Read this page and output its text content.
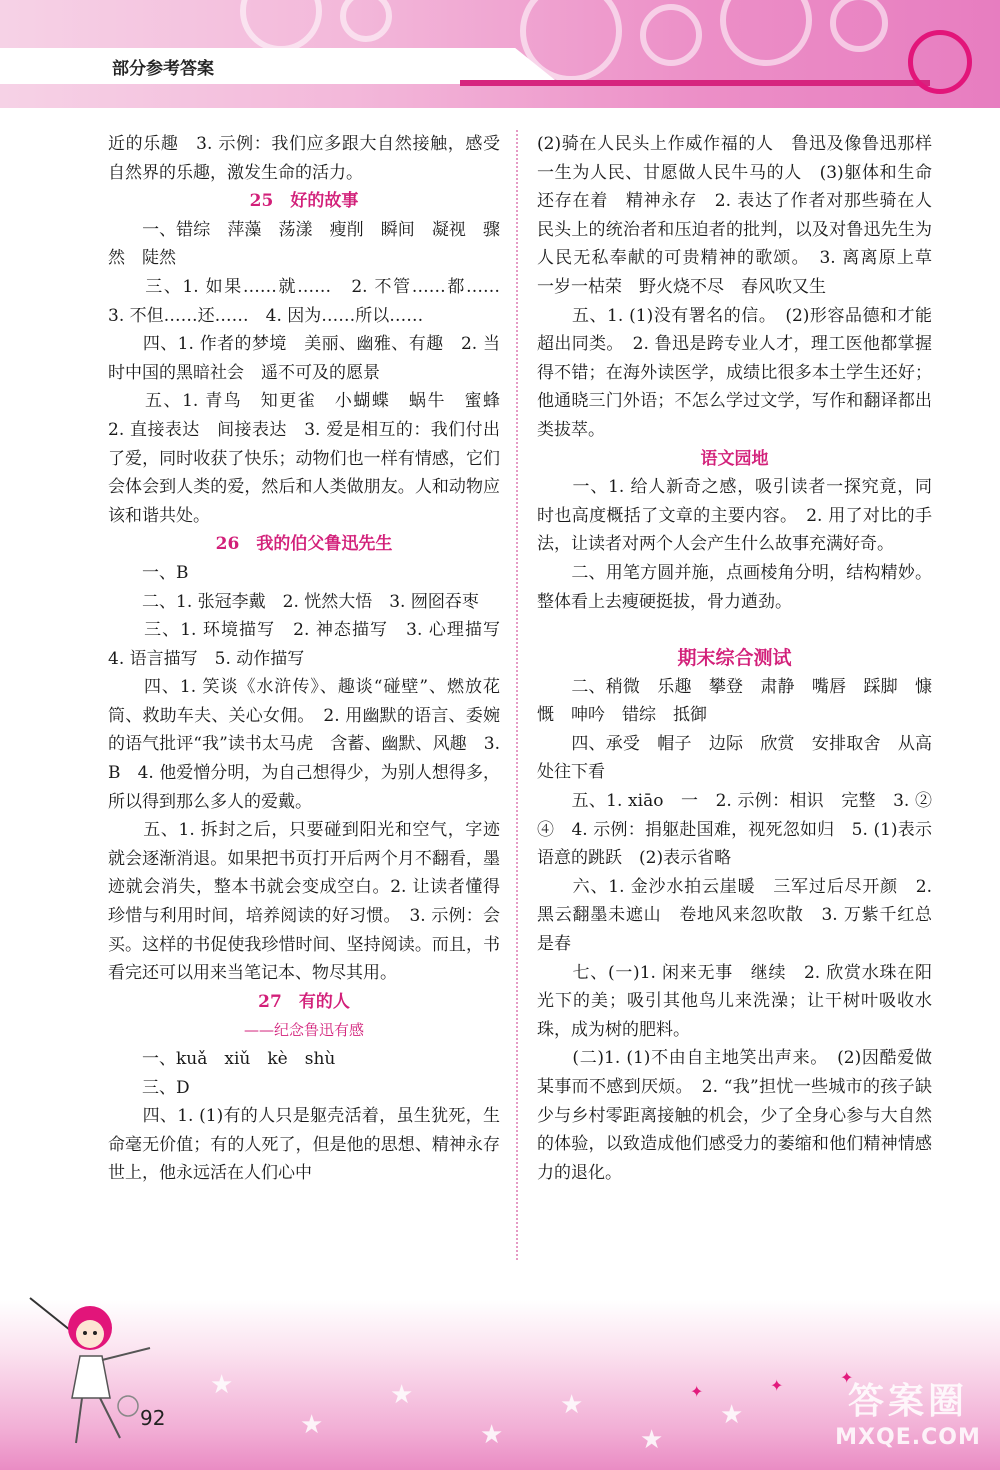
部分参考答案

近的乐趣　3. 示例：我们应多跟大自然接触，感受自然界的乐趣，激发生命的活力。

25　好的故事

　　一、错综　萍藻　荡漾　瘦削　瞬间　凝视　骤然　陡然

　　三、1. 如果……就……　2. 不管……都……　3. 不但……还……　4. 因为……所以……

　　四、1. 作者的梦境　美丽、幽雅、有趣　2. 当时中国的黑暗社会　遥不可及的愿景

　　五、1. 青鸟　知更雀　小蝴蝶　蜗牛　蜜蜂　2. 直接表达　间接表达　3. 爱是相互的：我们付出了爱，同时收获了快乐；动物们也一样有情感，它们会体会到人类的爱，然后和人类做朋友。人和动物应该和谐共处。

26　我的伯父鲁迅先生

　　一、B

　　二、1. 张冠李戴　2. 恍然大悟　3. 囫囵吞枣

　　三、1. 环境描写　2. 神态描写　3. 心理描写　4. 语言描写　5. 动作描写

　　四、1. 笑谈《水浒传》、趣谈“碰壁”、燃放花筒、救助车夫、关心女佣。　2. 用幽默的语言、委婉的语气批评“我”读书太马虎　含蓄、幽默、风趣　3. B　4. 他爱憎分明，为自己想得少，为别人想得多，所以得到那么多人的爱戴。

　　五、1. 拆封之后，只要碰到阳光和空气，字迹就会逐渐消退。如果把书页打开后两个月不翻看，墨迹就会消失，整本书就会变成空白。2. 让读者懂得珍惜与利用时间，培养阅读的好习惯。　3. 示例：会买。这样的书促使我珍惜时间、坚持阅读。而且，书看完还可以用来当笔记本、物尽其用。

27　有的人

——纪念鲁迅有感

　　一、kuǎ　xiǔ　kè　shù

　　三、D

　　四、1. (1)有的人只是躯壳活着，虽生犹死，生命毫无价值；有的人死了，但是他的思想、精神永存世上，他永远活在人们心中

(2)骑在人民头上作威作福的人　鲁迅及像鲁迅那样一生为人民、甘愿做人民牛马的人　(3)躯体和生命还存在着　精神永存　2. 表达了作者对那些骑在人民头上的统治者和压迫者的批判，以及对鲁迅先生为人民无私奉献的可贵精神的歌颂。　3. 离离原上草　一岁一枯荣　野火烧不尽　春风吹又生

　　五、1. (1)没有署名的信。　(2)形容品德和才能超出同类。　2. 鲁迅是跨专业人才，理工医他都掌握得不错；在海外读医学，成绩比很多本土学生还好；他通晓三门外语；不怎么学过文学，写作和翻译都出类拔萃。

语文园地

　　一、1. 给人新奇之感，吸引读者一探究竟，同时也高度概括了文章的主要内容。　2. 用了对比的手法，让读者对两个人会产生什么故事充满好奇。

　　二、用笔方圆并施，点画棱角分明，结构精妙。整体看上去瘦硬挺拔，骨力遒劲。

期末综合测试

　　二、稍微　乐趣　攀登　肃静　嘴唇　踩脚　慷慨　呻吟　错综　抵御

　　四、承受　帽子　边际　欣赏　安排取舍　从高处往下看

　　五、1. xiāo　一　2. 示例：相识　完整　3. ②　④　4. 示例：捐躯赴国难，视死忽如归　5. (1)表示语意的跳跃　(2)表示省略

　　六、1. 金沙水拍云崖暖　三军过后尽开颜　2. 黑云翻墨未遮山　卷地风来忽吹散　3. 万紫千红总是春

　　七、(一)1. 闲来无事　继续　2. 欣赏水珠在阳光下的美；吸引其他鸟儿来洗澡；让干树叶吸收水珠，成为树的肥料。

　　(二)1. (1)不由自主地笑出声来。　(2)因酷爱做某事而不感到厌烦。　2. “我”担忧一些城市的孩子缺少与乡村零距离接触的机会，少了全身心参与大自然的体验，以致造成他们感受力的萎缩和他们精神情感力的退化。

★
★
★
★
★
★
★
✦	✦	✦
92	答案圈
MXQE.COM
